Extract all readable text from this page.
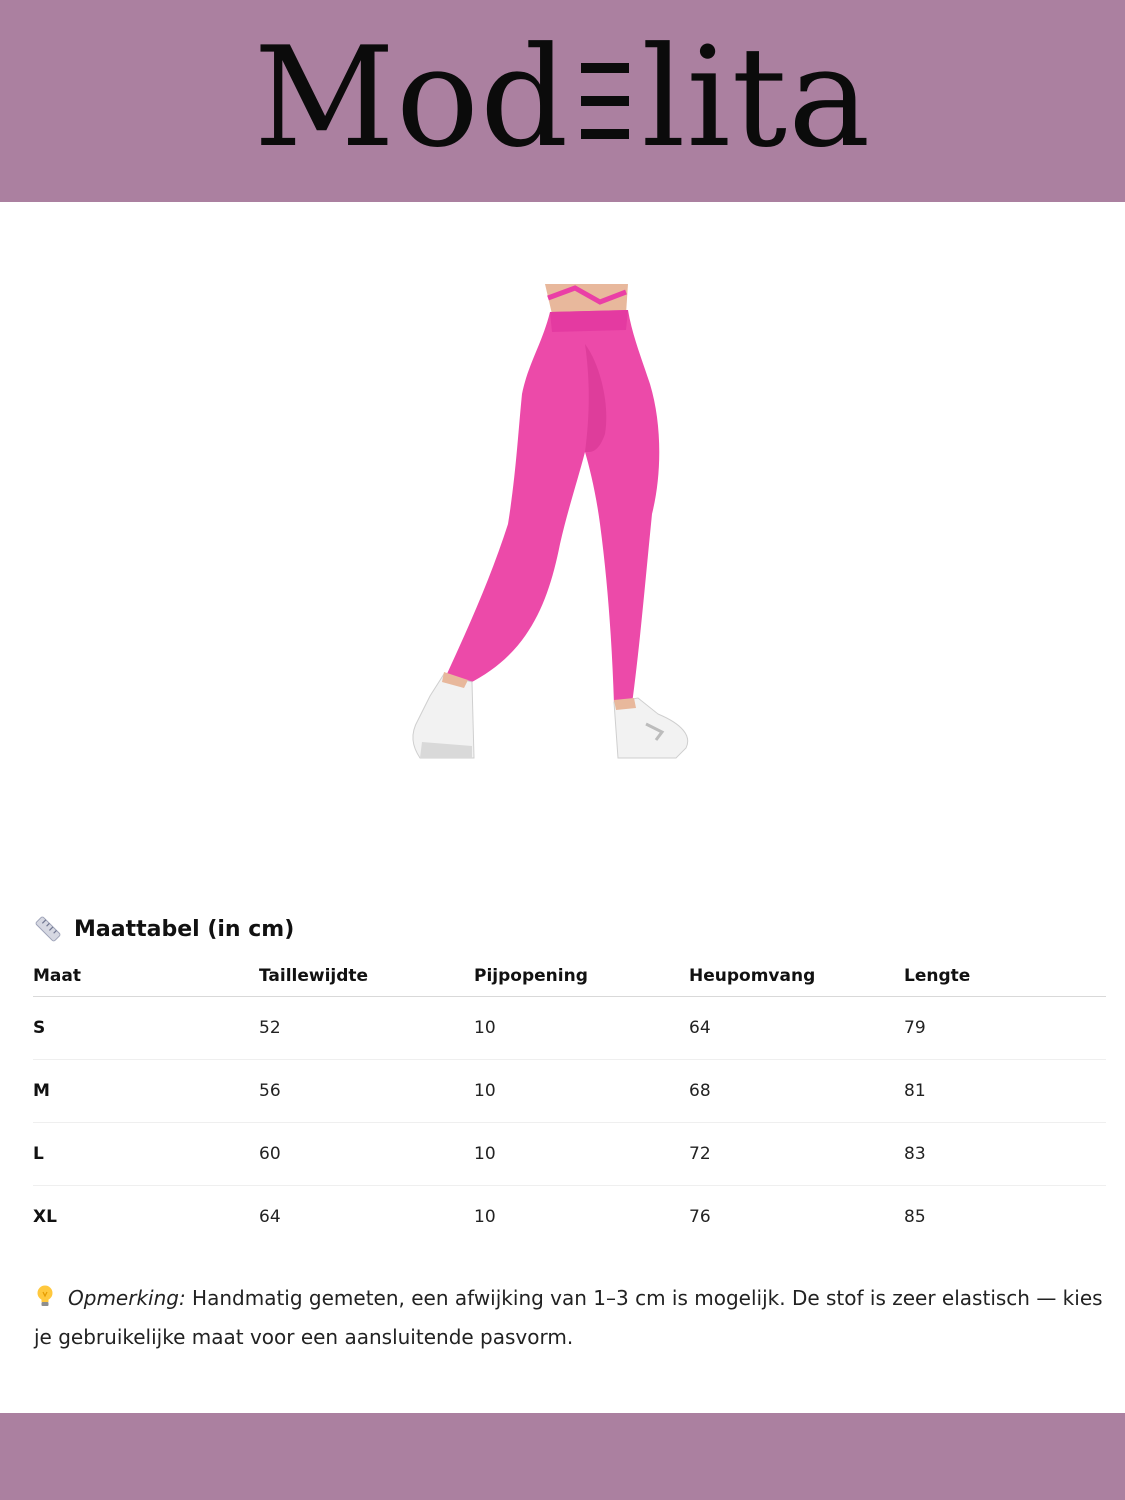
Mod lita
Maattabel (in cm)
Maat	Taillewijdte	Pijpopening	Heupomvang	Lengte
S	52	10	64	79
M	56	10	68	81
L	60	10	72	83
XL	64	10	76	85
Opmerking: Handmatig gemeten, een afwijking van 1–3 cm is mogelijk. De stof is zeer elastisch — kies je gebruikelijke maat voor een aansluitende pasvorm.
